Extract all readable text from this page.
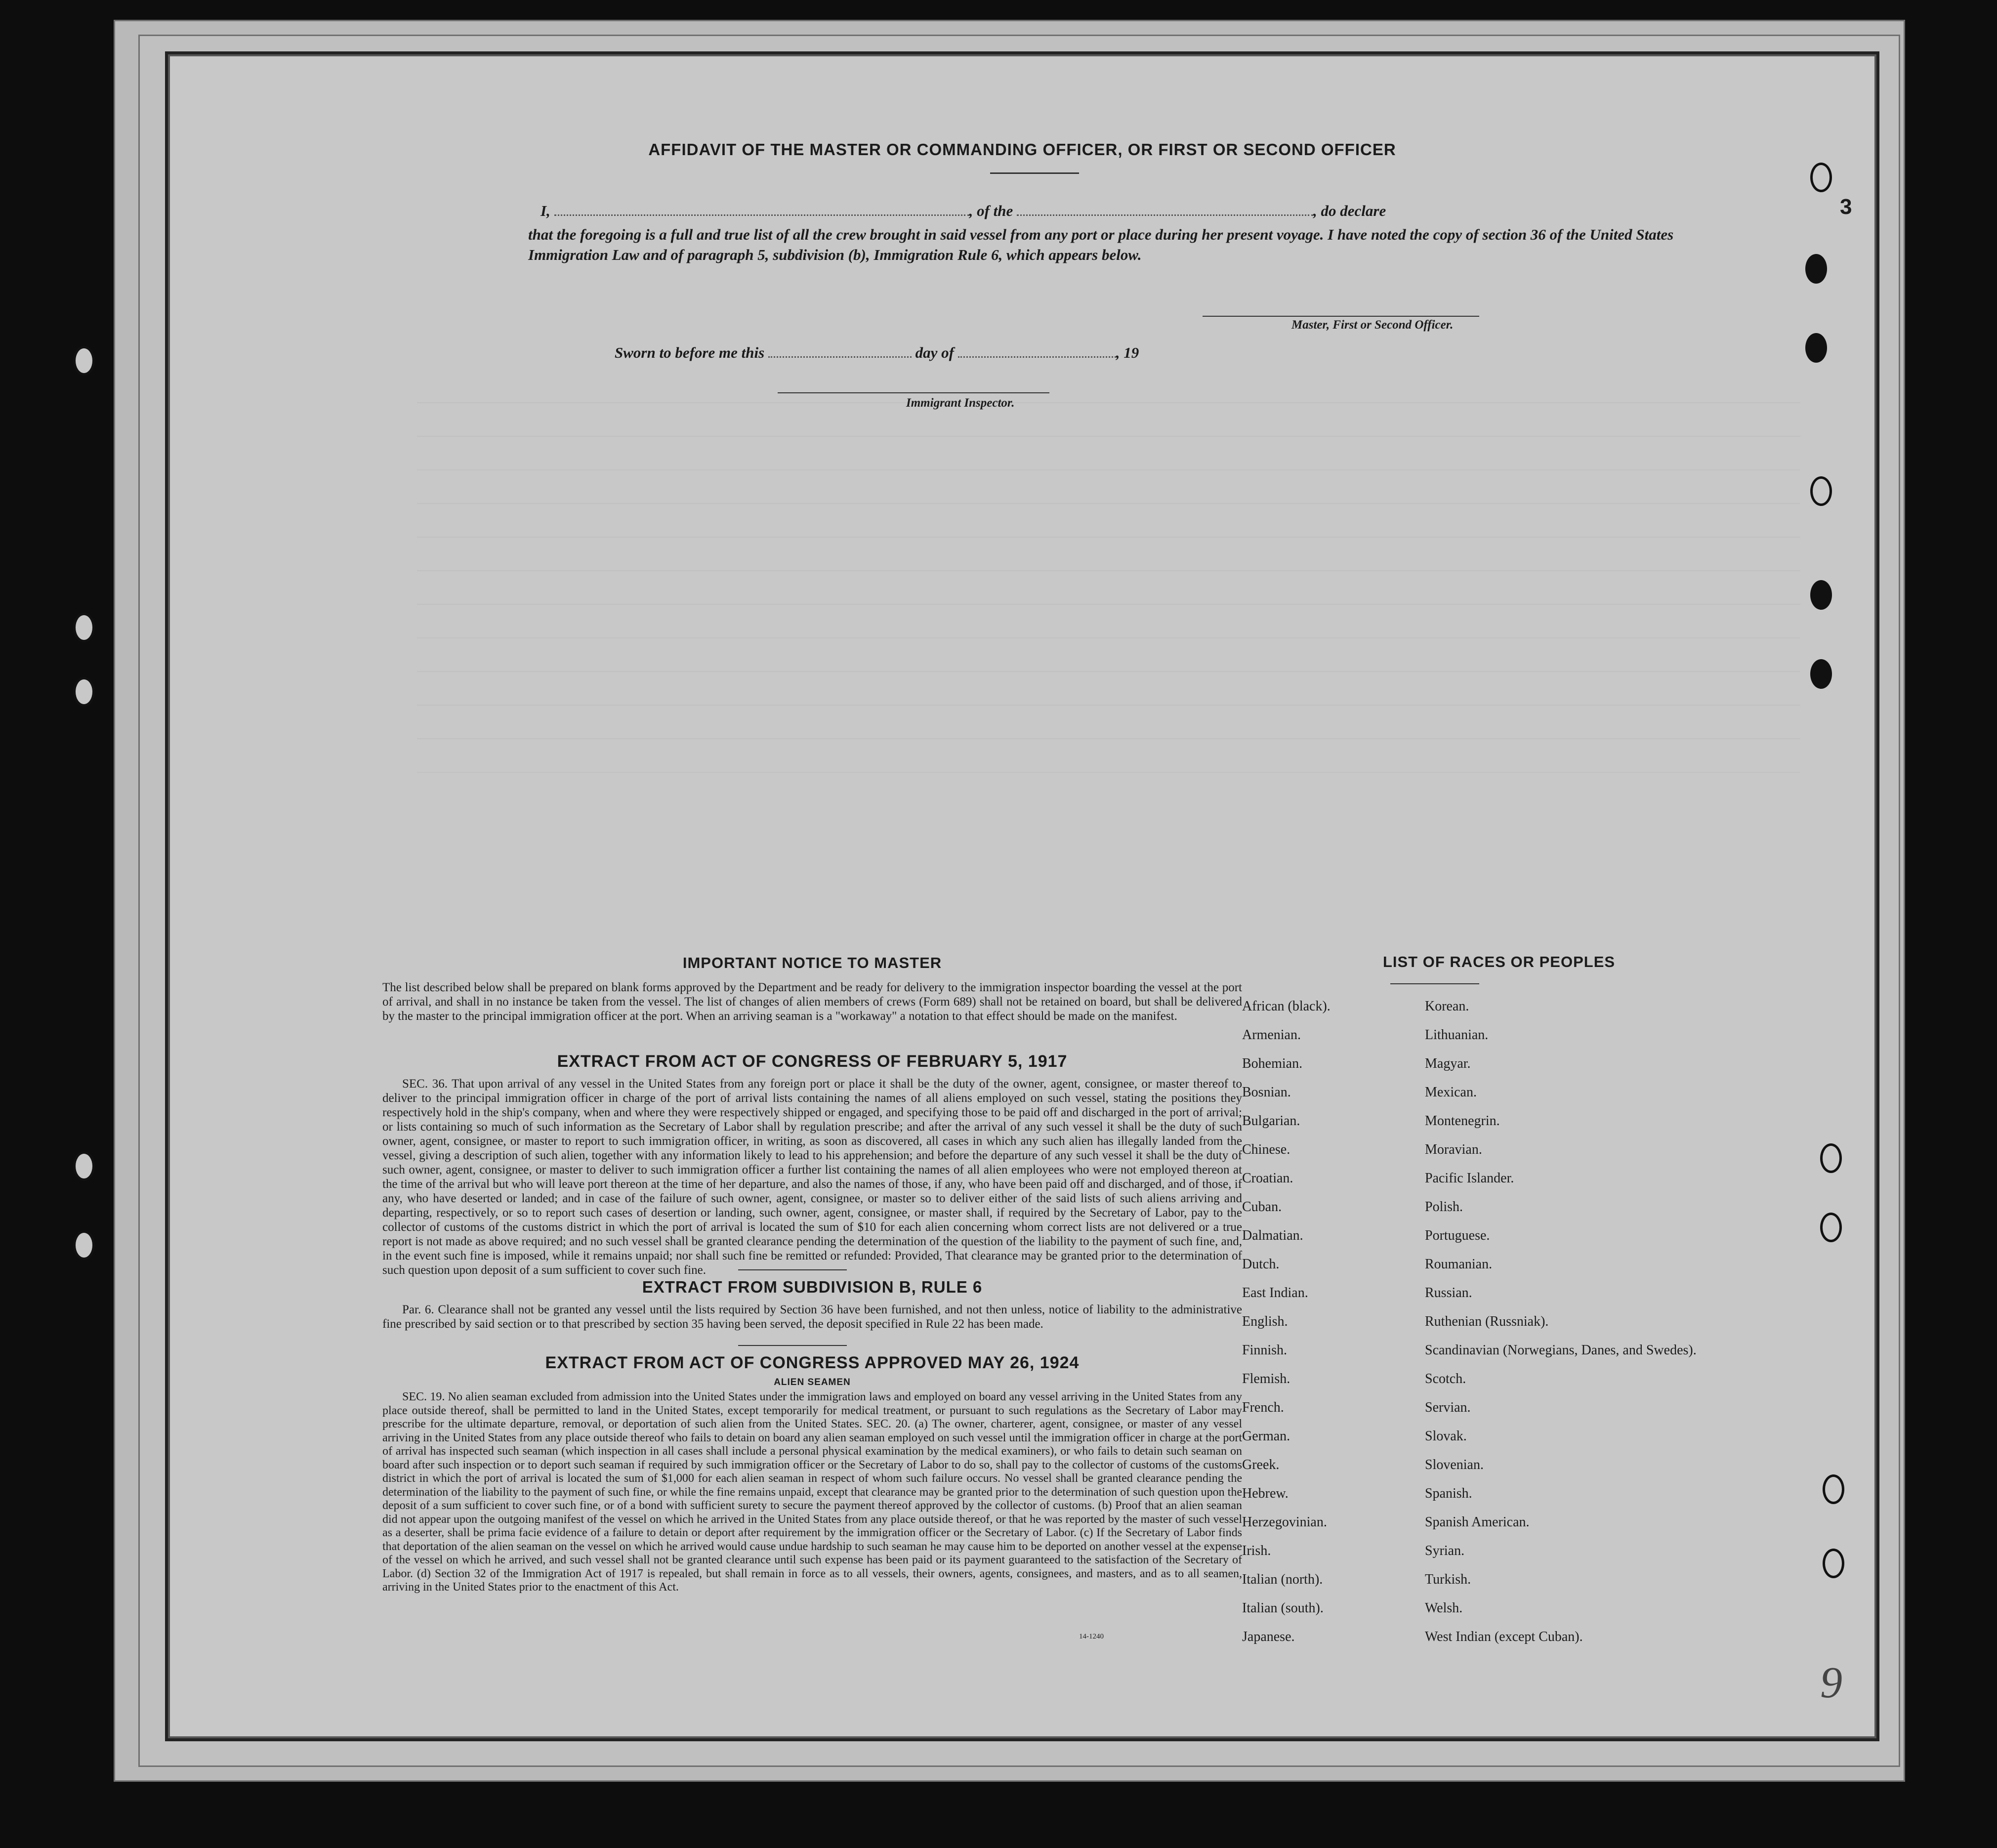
3
9
AFFIDAVIT OF THE MASTER OR COMMANDING OFFICER, OR FIRST OR SECOND OFFICER
I,	, of the	, do declare
that the foregoing is a full and true list of all the crew brought in said vessel from any port or place during her present voyage. I have noted the copy of section 36 of the United States Immigration Law and of paragraph 5, subdivision (b), Immigration Rule 6, which appears below.
Master, First or Second Officer.
Sworn to before me this	day of	, 19
Immigrant Inspector.
IMPORTANT NOTICE TO MASTER
The list described below shall be prepared on blank forms approved by the Department and be ready for delivery to the immigration inspector boarding the vessel at the port of arrival, and shall in no instance be taken from the vessel. The list of changes of alien members of crews (Form 689) shall not be retained on board, but shall be delivered by the master to the principal immigration officer at the port. When an arriving seaman is a "workaway" a notation to that effect should be made on the manifest.
EXTRACT FROM ACT OF CONGRESS OF FEBRUARY 5, 1917
SEC. 36. That upon arrival of any vessel in the United States from any foreign port or place it shall be the duty of the owner, agent, consignee, or master thereof to deliver to the principal immigration officer in charge of the port of arrival lists containing the names of all aliens employed on such vessel, stating the positions they respectively hold in the ship's company, when and where they were respectively shipped or engaged, and specifying those to be paid off and discharged in the port of arrival; or lists containing so much of such information as the Secretary of Labor shall by regulation prescribe; and after the arrival of any such vessel it shall be the duty of such owner, agent, consignee, or master to report to such immigration officer, in writing, as soon as discovered, all cases in which any such alien has illegally landed from the vessel, giving a description of such alien, together with any information likely to lead to his apprehension; and before the departure of any such vessel it shall be the duty of such owner, agent, consignee, or master to deliver to such immigration officer a further list containing the names of all alien employees who were not employed thereon at the time of the arrival but who will leave port thereon at the time of her departure, and also the names of those, if any, who have been paid off and discharged, and of those, if any, who have deserted or landed; and in case of the failure of such owner, agent, consignee, or master so to deliver either of the said lists of such aliens arriving and departing, respectively, or so to report such cases of desertion or landing, such owner, agent, consignee, or master shall, if required by the Secretary of Labor, pay to the collector of customs of the customs district in which the port of arrival is located the sum of $10 for each alien concerning whom correct lists are not delivered or a true report is not made as above required; and no such vessel shall be granted clearance pending the determination of the question of the liability to the payment of such fine, and, in the event such fine is imposed, while it remains unpaid; nor shall such fine be remitted or refunded: Provided, That clearance may be granted prior to the determination of such question upon deposit of a sum sufficient to cover such fine.
EXTRACT FROM SUBDIVISION B, RULE 6
Par. 6. Clearance shall not be granted any vessel until the lists required by Section 36 have been furnished, and not then unless, notice of liability to the administrative fine prescribed by said section or to that prescribed by section 35 having been served, the deposit specified in Rule 22 has been made.
EXTRACT FROM ACT OF CONGRESS APPROVED MAY 26, 1924
ALIEN SEAMEN
SEC. 19. No alien seaman excluded from admission into the United States under the immigration laws and employed on board any vessel arriving in the United States from any place outside thereof, shall be permitted to land in the United States, except temporarily for medical treatment, or pursuant to such regulations as the Secretary of Labor may prescribe for the ultimate departure, removal, or deportation of such alien from the United States. SEC. 20. (a) The owner, charterer, agent, consignee, or master of any vessel arriving in the United States from any place outside thereof who fails to detain on board any alien seaman employed on such vessel until the immigration officer in charge at the port of arrival has inspected such seaman (which inspection in all cases shall include a personal physical examination by the medical examiners), or who fails to detain such seaman on board after such inspection or to deport such seaman if required by such immigration officer or the Secretary of Labor to do so, shall pay to the collector of customs of the customs district in which the port of arrival is located the sum of $1,000 for each alien seaman in respect of whom such failure occurs. No vessel shall be granted clearance pending the determination of the liability to the payment of such fine, or while the fine remains unpaid, except that clearance may be granted prior to the determination of such question upon the deposit of a sum sufficient to cover such fine, or of a bond with sufficient surety to secure the payment thereof approved by the collector of customs. (b) Proof that an alien seaman did not appear upon the outgoing manifest of the vessel on which he arrived in the United States from any place outside thereof, or that he was reported by the master of such vessel as a deserter, shall be prima facie evidence of a failure to detain or deport after requirement by the immigration officer or the Secretary of Labor. (c) If the Secretary of Labor finds that deportation of the alien seaman on the vessel on which he arrived would cause undue hardship to such seaman he may cause him to be deported on another vessel at the expense of the vessel on which he arrived, and such vessel shall not be granted clearance until such expense has been paid or its payment guaranteed to the satisfaction of the Secretary of Labor. (d) Section 32 of the Immigration Act of 1917 is repealed, but shall remain in force as to all vessels, their owners, agents, consignees, and masters, and as to all seamen, arriving in the United States prior to the enactment of this Act.
14-1240
LIST OF RACES OR PEOPLES
African (black).
Armenian.
Bohemian.
Bosnian.
Bulgarian.
Chinese.
Croatian.
Cuban.
Dalmatian.
Dutch.
East Indian.
English.
Finnish.
Flemish.
French.
German.
Greek.
Hebrew.
Herzegovinian.
Irish.
Italian (north).
Italian (south).
Japanese.
Korean.
Lithuanian.
Magyar.
Mexican.
Montenegrin.
Moravian.
Pacific Islander.
Polish.
Portuguese.
Roumanian.
Russian.
Ruthenian (Russniak).
Scandinavian (Norwegians, Danes, and Swedes).
Scotch.
Servian.
Slovak.
Slovenian.
Spanish.
Spanish American.
Syrian.
Turkish.
Welsh.
West Indian (except Cuban).
